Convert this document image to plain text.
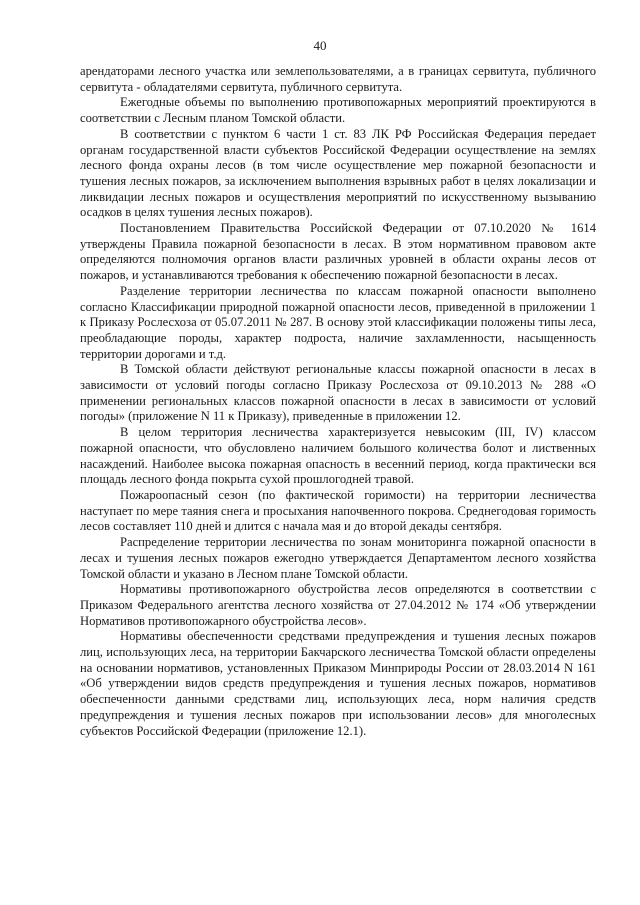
40

арендаторами лесного участка или землепользователями, а в границах сервитута, публичного сервитута - обладателями сервитута, публичного сервитута.

Ежегодные объемы по выполнению противопожарных мероприятий проектируются в соответствии с Лесным планом Томской области.

В соответствии с пунктом 6 части 1 ст. 83 ЛК РФ Российская Федерация передает органам государственной власти субъектов Российской Федерации осуществление на землях лесного фонда охраны лесов (в том числе осуществление мер пожарной безопасности и тушения лесных пожаров, за исключением выполнения взрывных работ в целях локализации и ликвидации лесных пожаров и осуществления мероприятий по искусственному вызыванию осадков в целях тушения лесных пожаров).

Постановлением Правительства Российской Федерации от 07.10.2020 № 1614 утверждены Правила пожарной безопасности в лесах. В этом нормативном правовом акте определяются полномочия органов власти различных уровней в области охраны лесов от пожаров, и устанавливаются требования к обеспечению пожарной безопасности в лесах.

Разделение территории лесничества по классам пожарной опасности выполнено согласно Классификации природной пожарной опасности лесов, приведенной в приложении 1 к Приказу Рослесхоза от 05.07.2011 № 287. В основу этой классификации положены типы леса, преобладающие породы, характер подроста, наличие захламленности, насыщенность территории дорогами и т.д.

В Томской области действуют региональные классы пожарной опасности в лесах в зависимости от условий погоды согласно Приказу Рослесхоза от 09.10.2013 № 288 «О применении региональных классов пожарной опасности в лесах в зависимости от условий погоды» (приложение N 11 к Приказу), приведенные в приложении 12.

В целом территория лесничества характеризуется невысоким (III, IV) классом пожарной опасности, что обусловлено наличием большого количества болот и лиственных насаждений. Наиболее высока пожарная опасность в весенний период, когда практически вся площадь лесного фонда покрыта сухой прошлогодней травой.

Пожароопасный сезон (по фактической горимости) на территории лесничества наступает по мере таяния снега и просыхания напочвенного покрова. Среднегодовая горимость лесов составляет 110 дней и длится с начала мая и до второй декады сентября.

Распределение территории лесничества по зонам мониторинга пожарной опасности в лесах и тушения лесных пожаров ежегодно утверждается Департаментом лесного хозяйства Томской области и указано в Лесном плане Томской области.

Нормативы противопожарного обустройства лесов определяются в соответствии с Приказом Федерального агентства лесного хозяйства от 27.04.2012 № 174 «Об утверждении Нормативов противопожарного обустройства лесов».

Нормативы обеспеченности средствами предупреждения и тушения лесных пожаров лиц, использующих леса, на территории Бакчарского лесничества Томской области определены на основании нормативов, установленных Приказом Минприроды России от 28.03.2014 N 161 «Об утверждении видов средств предупреждения и тушения лесных пожаров, нормативов обеспеченности данными средствами лиц, использующих леса, норм наличия средств предупреждения и тушения лесных пожаров при использовании лесов» для многолесных субъектов Российской Федерации (приложение 12.1).
